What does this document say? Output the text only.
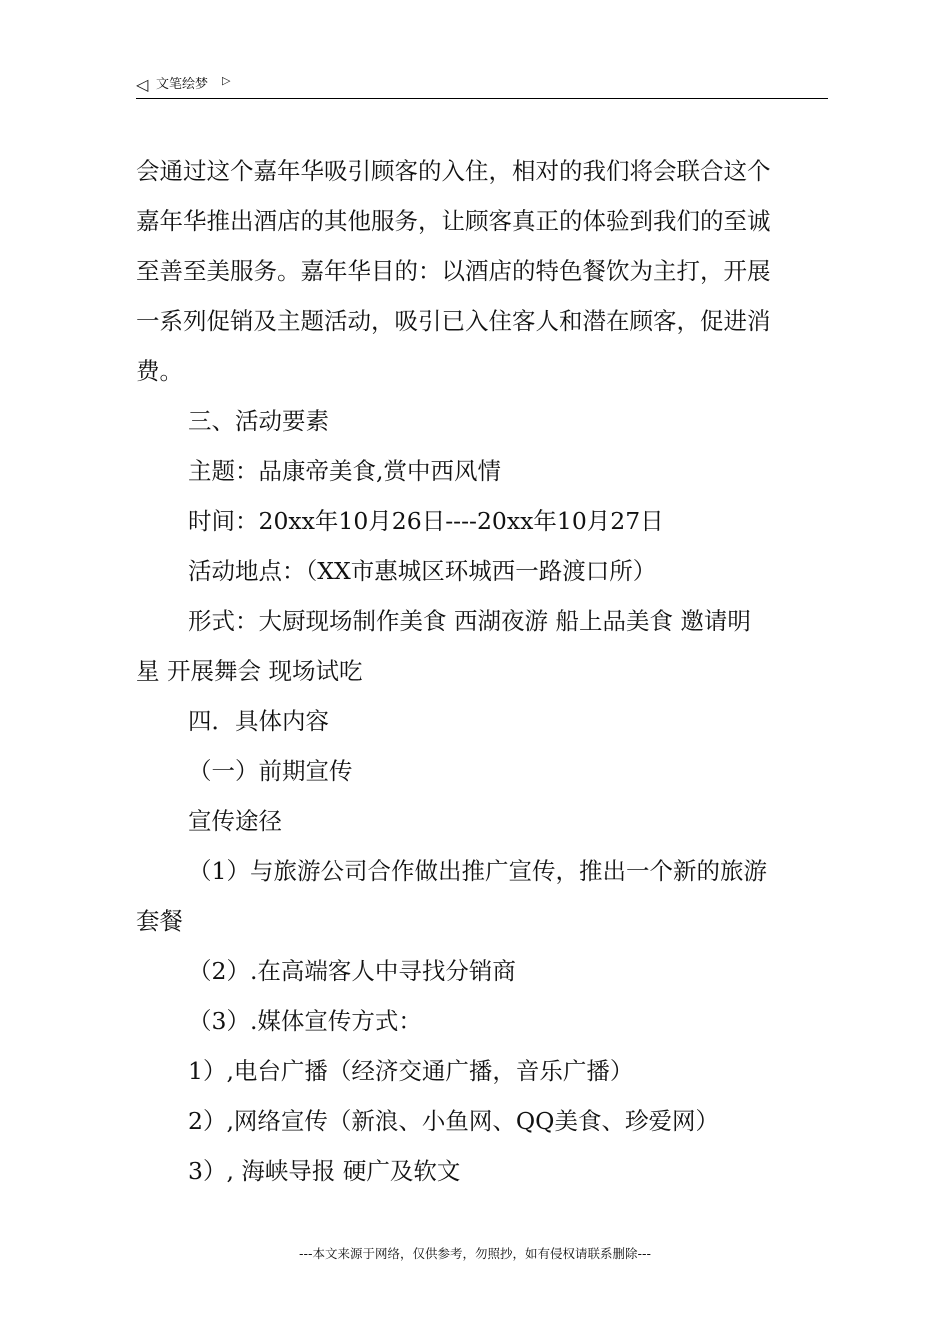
◁ 文笔绘梦 ▷
会通过这个嘉年华吸引顾客的入住，相对的我们将会联合这个
嘉年华推出酒店的其他服务，让顾客真正的体验到我们的至诚
至善至美服务。嘉年华目的：以酒店的特色餐饮为主打，开展
一系列促销及主题活动，吸引已入住客人和潜在顾客，促进消
费。
三、活动要素
主题：品康帝美食,赏中西风情
时间：20xx年10月26日----20xx年10月27日
活动地点：（XX市惠城区环城西一路渡口所）
形式：大厨现场制作美食 西湖夜游 船上品美食 邀请明
星 开展舞会 现场试吃
四．具体内容
（一）前期宣传
宣传途径
（1）与旅游公司合作做出推广宣传，推出一个新的旅游
套餐
（2）.在高端客人中寻找分销商
（3）.媒体宣传方式：
1）,电台广播（经济交通广播，音乐广播）
2）,网络宣传（新浪、小鱼网、QQ美食、珍爱网）
3）, 海峡导报 硬广及软文
---本文来源于网络，仅供参考，勿照抄，如有侵权请联系删除---
